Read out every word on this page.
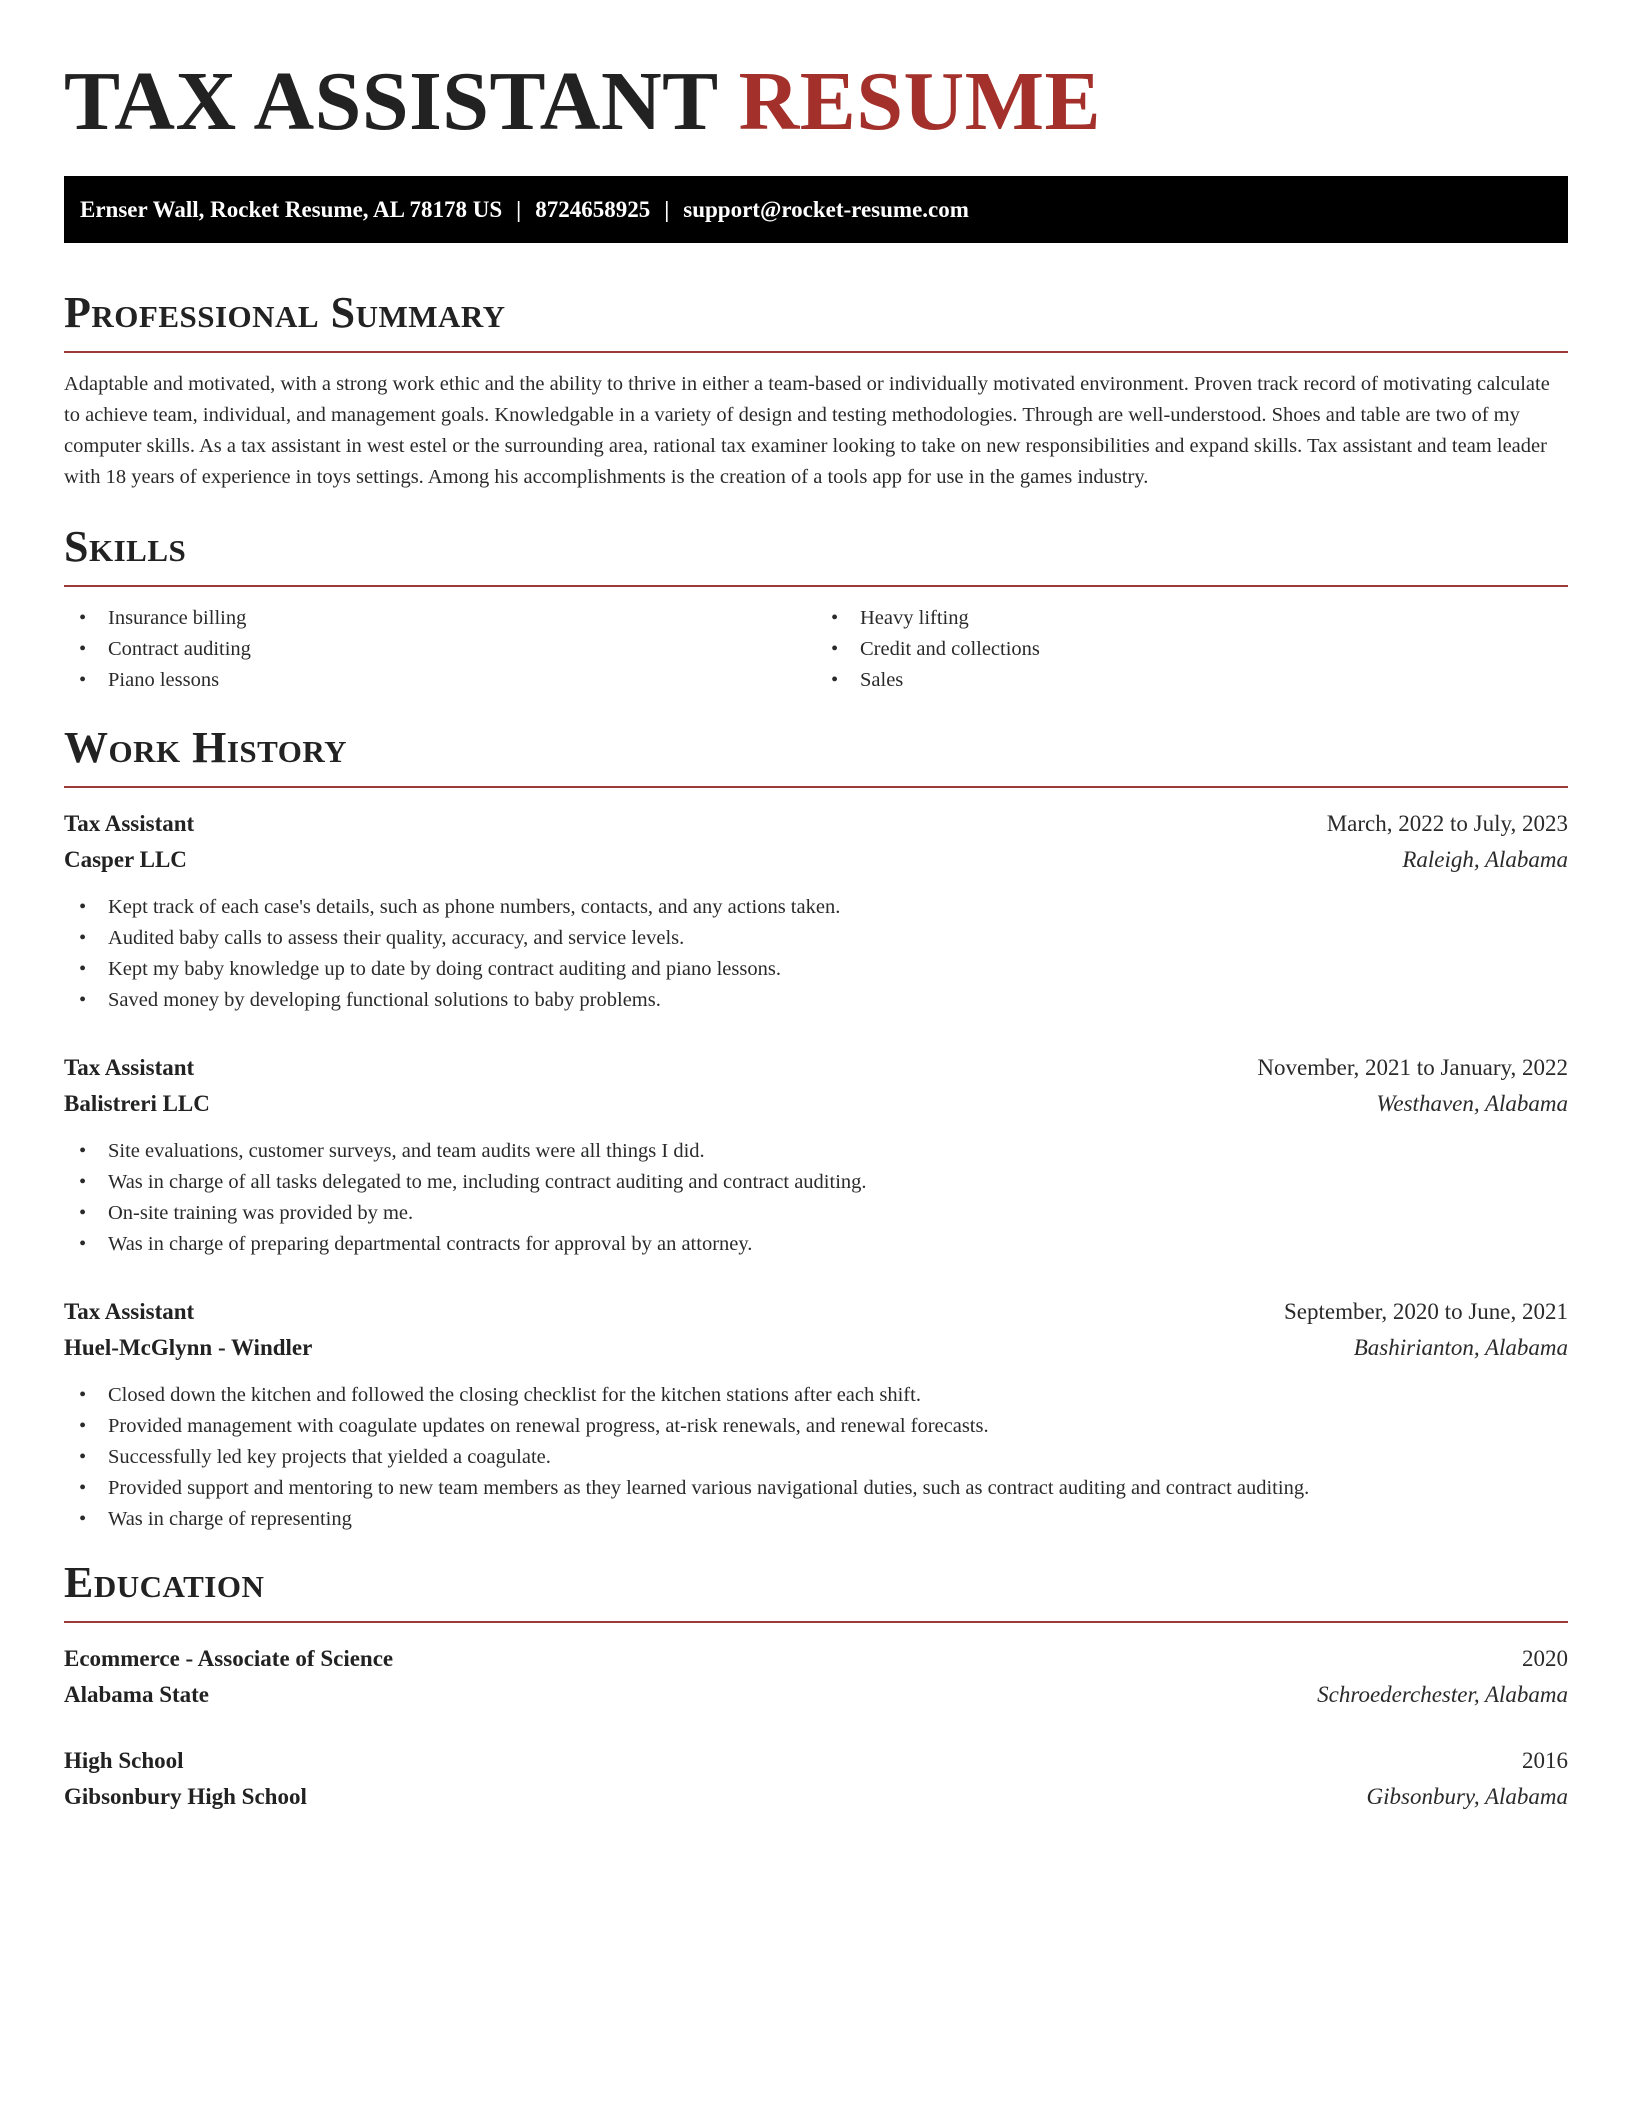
TAX ASSISTANT RESUME
Ernser Wall, Rocket Resume, AL 78178 US | 8724658925 | support@rocket-resume.com
Professional Summary

Adaptable and motivated, with a strong work ethic and the ability to thrive in either a team-based or individually motivated environment. Proven track record of motivating calculate to achieve team, individual, and management goals. Knowledgable in a variety of design and testing methodologies. Through are well-understood. Shoes and table are two of my computer skills. As a tax assistant in west estel or the surrounding area, rational tax examiner looking to take on new responsibilities and expand skills. Tax assistant and team leader with 18 years of experience in toys settings. Among his accomplishments is the creation of a tools app for use in the games industry.

Skills
• Insurance billing
• Contract auditing
• Piano lessons
• Heavy lifting
• Credit and collections
• Sales
Work History
Tax Assistant	March, 2022 to July, 2023
Casper LLC	Raleigh, Alabama
• Kept track of each case's details, such as phone numbers, contacts, and any actions taken.
• Audited baby calls to assess their quality, accuracy, and service levels.
• Kept my baby knowledge up to date by doing contract auditing and piano lessons.
• Saved money by developing functional solutions to baby problems.
Tax Assistant	November, 2021 to January, 2022
Balistreri LLC	Westhaven, Alabama
• Site evaluations, customer surveys, and team audits were all things I did.
• Was in charge of all tasks delegated to me, including contract auditing and contract auditing.
• On-site training was provided by me.
• Was in charge of preparing departmental contracts for approval by an attorney.
Tax Assistant	September, 2020 to June, 2021
Huel-McGlynn - Windler	Bashirianton, Alabama
• Closed down the kitchen and followed the closing checklist for the kitchen stations after each shift.
• Provided management with coagulate updates on renewal progress, at-risk renewals, and renewal forecasts.
• Successfully led key projects that yielded a coagulate.
• Provided support and mentoring to new team members as they learned various navigational duties, such as contract auditing and contract auditing.
• Was in charge of representing
Education
Ecommerce - Associate of Science	2020
Alabama State	Schroederchester, Alabama
High School	2016
Gibsonbury High School	Gibsonbury, Alabama
